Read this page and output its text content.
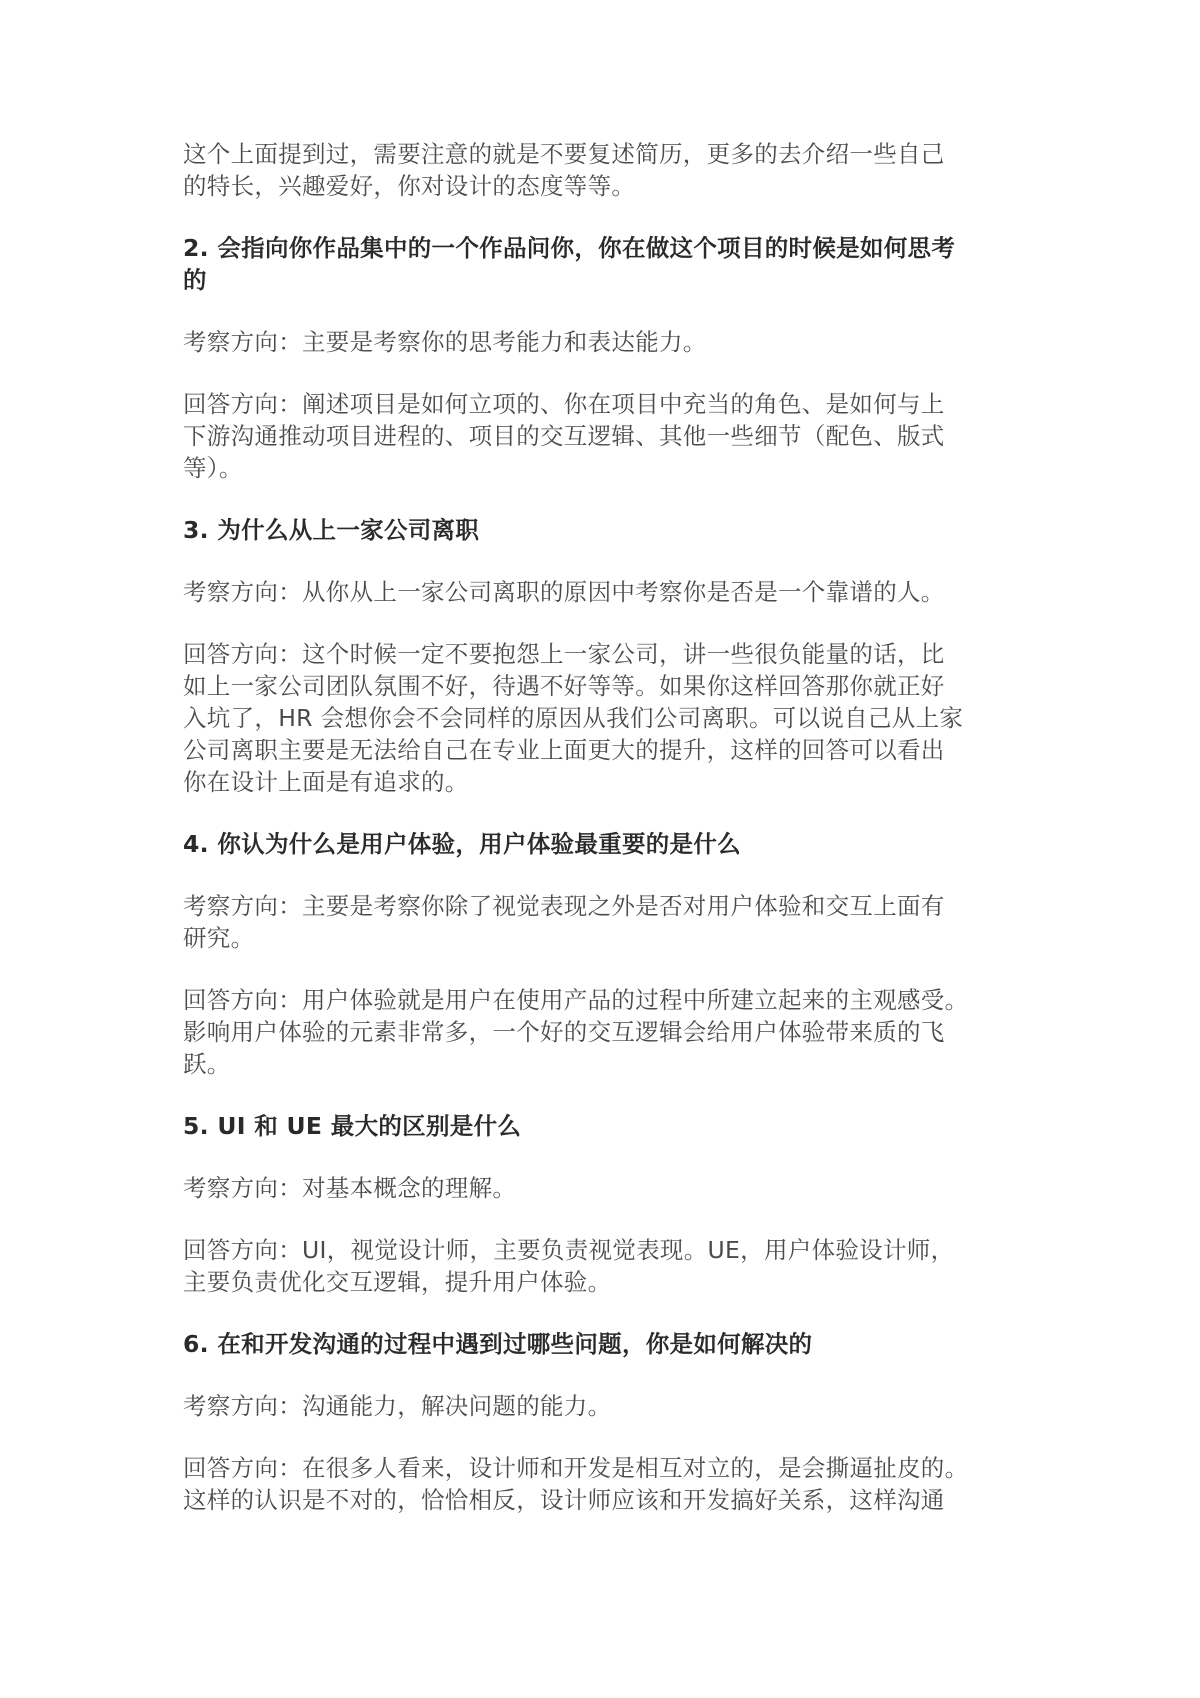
这个上面提到过，需要注意的就是不要复述简历，更多的去介绍一些自己
的特长，兴趣爱好，你对设计的态度等等。
2. 会指向你作品集中的一个作品问你，你在做这个项目的时候是如何思考
的
考察方向：主要是考察你的思考能力和表达能力。
回答方向：阐述项目是如何立项的、你在项目中充当的角色、是如何与上
下游沟通推动项目进程的、项目的交互逻辑、其他一些细节（配色、版式
等）。
3. 为什么从上一家公司离职
考察方向：从你从上一家公司离职的原因中考察你是否是一个靠谱的人。
回答方向：这个时候一定不要抱怨上一家公司，讲一些很负能量的话，比
如上一家公司团队氛围不好，待遇不好等等。如果你这样回答那你就正好
入坑了，HR 会想你会不会同样的原因从我们公司离职。可以说自己从上家
公司离职主要是无法给自己在专业上面更大的提升，这样的回答可以看出
你在设计上面是有追求的。
4. 你认为什么是用户体验，用户体验最重要的是什么
考察方向：主要是考察你除了视觉表现之外是否对用户体验和交互上面有
研究。
回答方向：用户体验就是用户在使用产品的过程中所建立起来的主观感受。
影响用户体验的元素非常多，一个好的交互逻辑会给用户体验带来质的飞
跃。
5. UI 和 UE 最大的区别是什么
考察方向：对基本概念的理解。
回答方向：UI，视觉设计师，主要负责视觉表现。UE，用户体验设计师，
主要负责优化交互逻辑，提升用户体验。
6. 在和开发沟通的过程中遇到过哪些问题，你是如何解决的
考察方向：沟通能力，解决问题的能力。
回答方向：在很多人看来，设计师和开发是相互对立的，是会撕逼扯皮的。
这样的认识是不对的，恰恰相反，设计师应该和开发搞好关系，这样沟通
